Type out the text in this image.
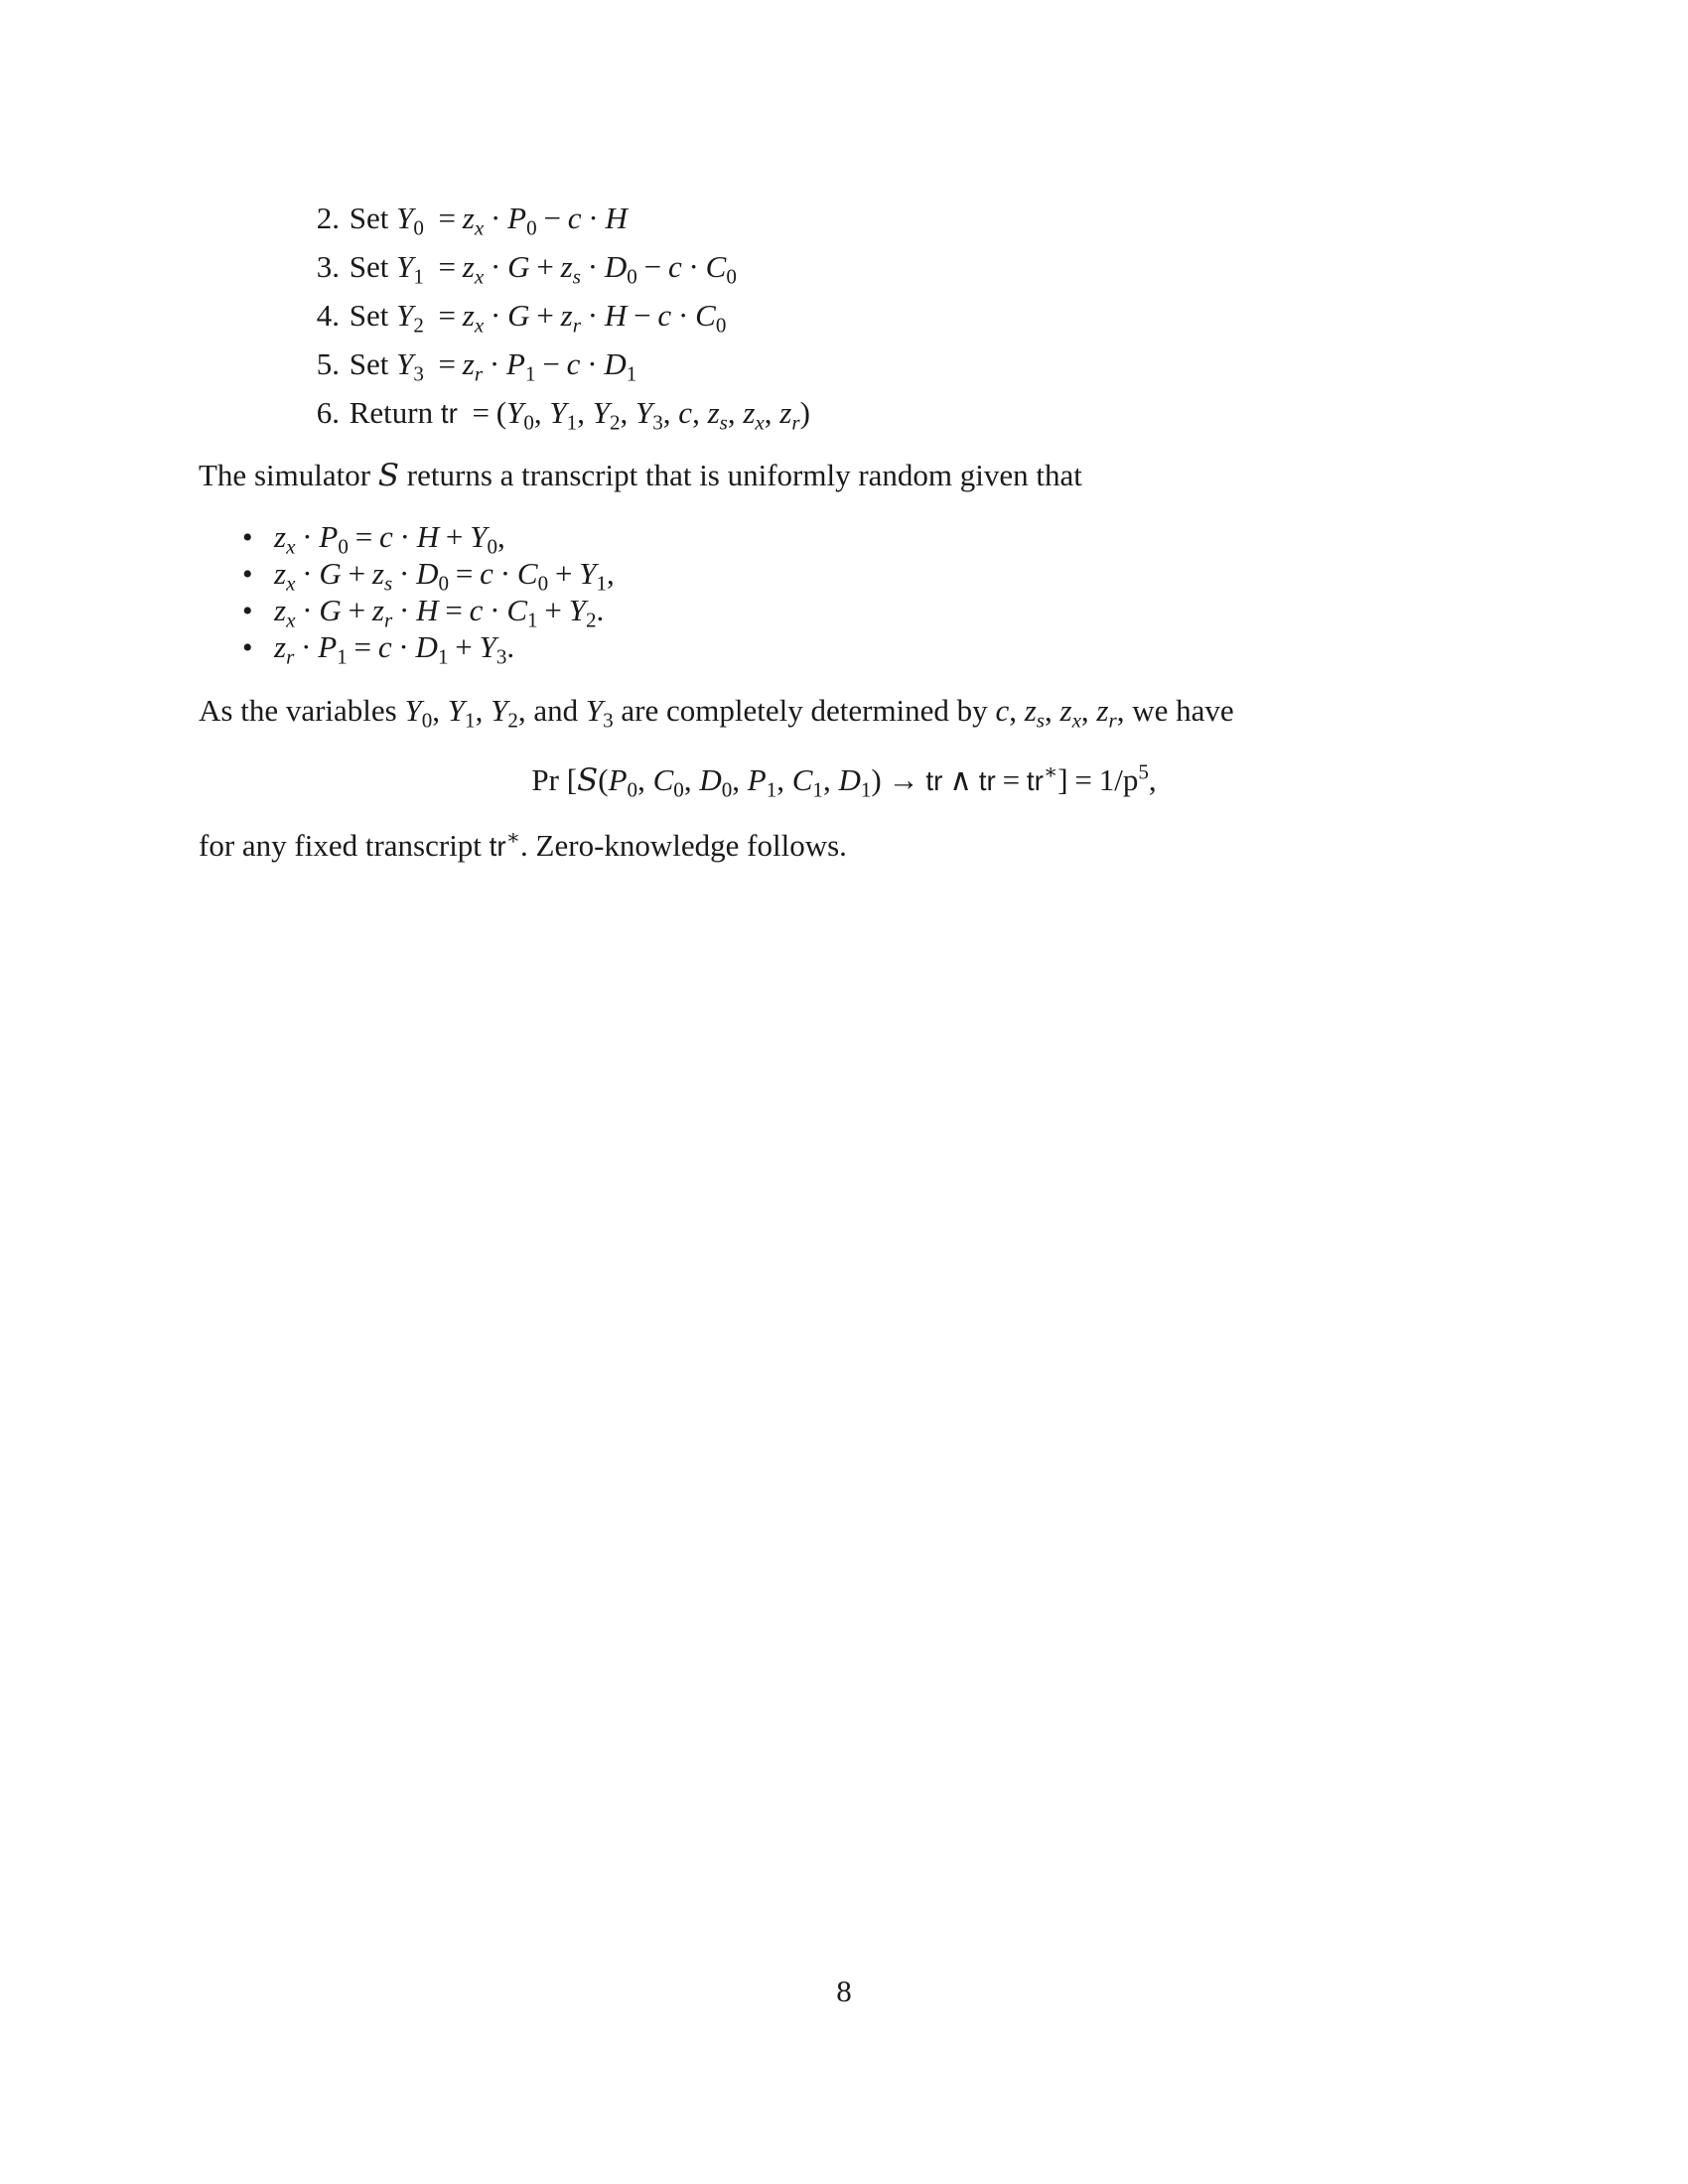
2. Set $Y_0 = z_x \cdot P_0 - c \cdot H$
3. Set $Y_1 = z_x \cdot G + z_s \cdot D_0 - c \cdot C_0$
4. Set $Y_2 = z_x \cdot G + z_r \cdot H - c \cdot C_0$
5. Set $Y_3 = z_r \cdot P_1 - c \cdot D_1$
6. Return tr = ($Y_0$, $Y_1$, $Y_2$, $Y_3$, c, $z_s$, $z_x$, $z_r$)
The simulator S returns a transcript that is uniformly random given that
• $z_x \cdot P_0 = c \cdot H + Y_0$,
• $z_x \cdot G + z_s \cdot D_0 = c \cdot C_0 + Y_1$,
• $z_x \cdot G + z_r \cdot H = c \cdot C_1 + Y_2$.
• $z_r \cdot P_1 = c \cdot D_1 + Y_3$.
As the variables $Y_0$, $Y_1$, $Y_2$, and $Y_3$ are completely determined by c, $z_s$, $z_x$, $z_r$, we have
Pr [$S(P_0$, $C_0$, $D_0$, $P_1$, $C_1$, $D_1$) → tr ∧ tr = $tr^∗] = 1/p^5$,
for any fixed transcript tr∗. Zero-knowledge follows.
8
